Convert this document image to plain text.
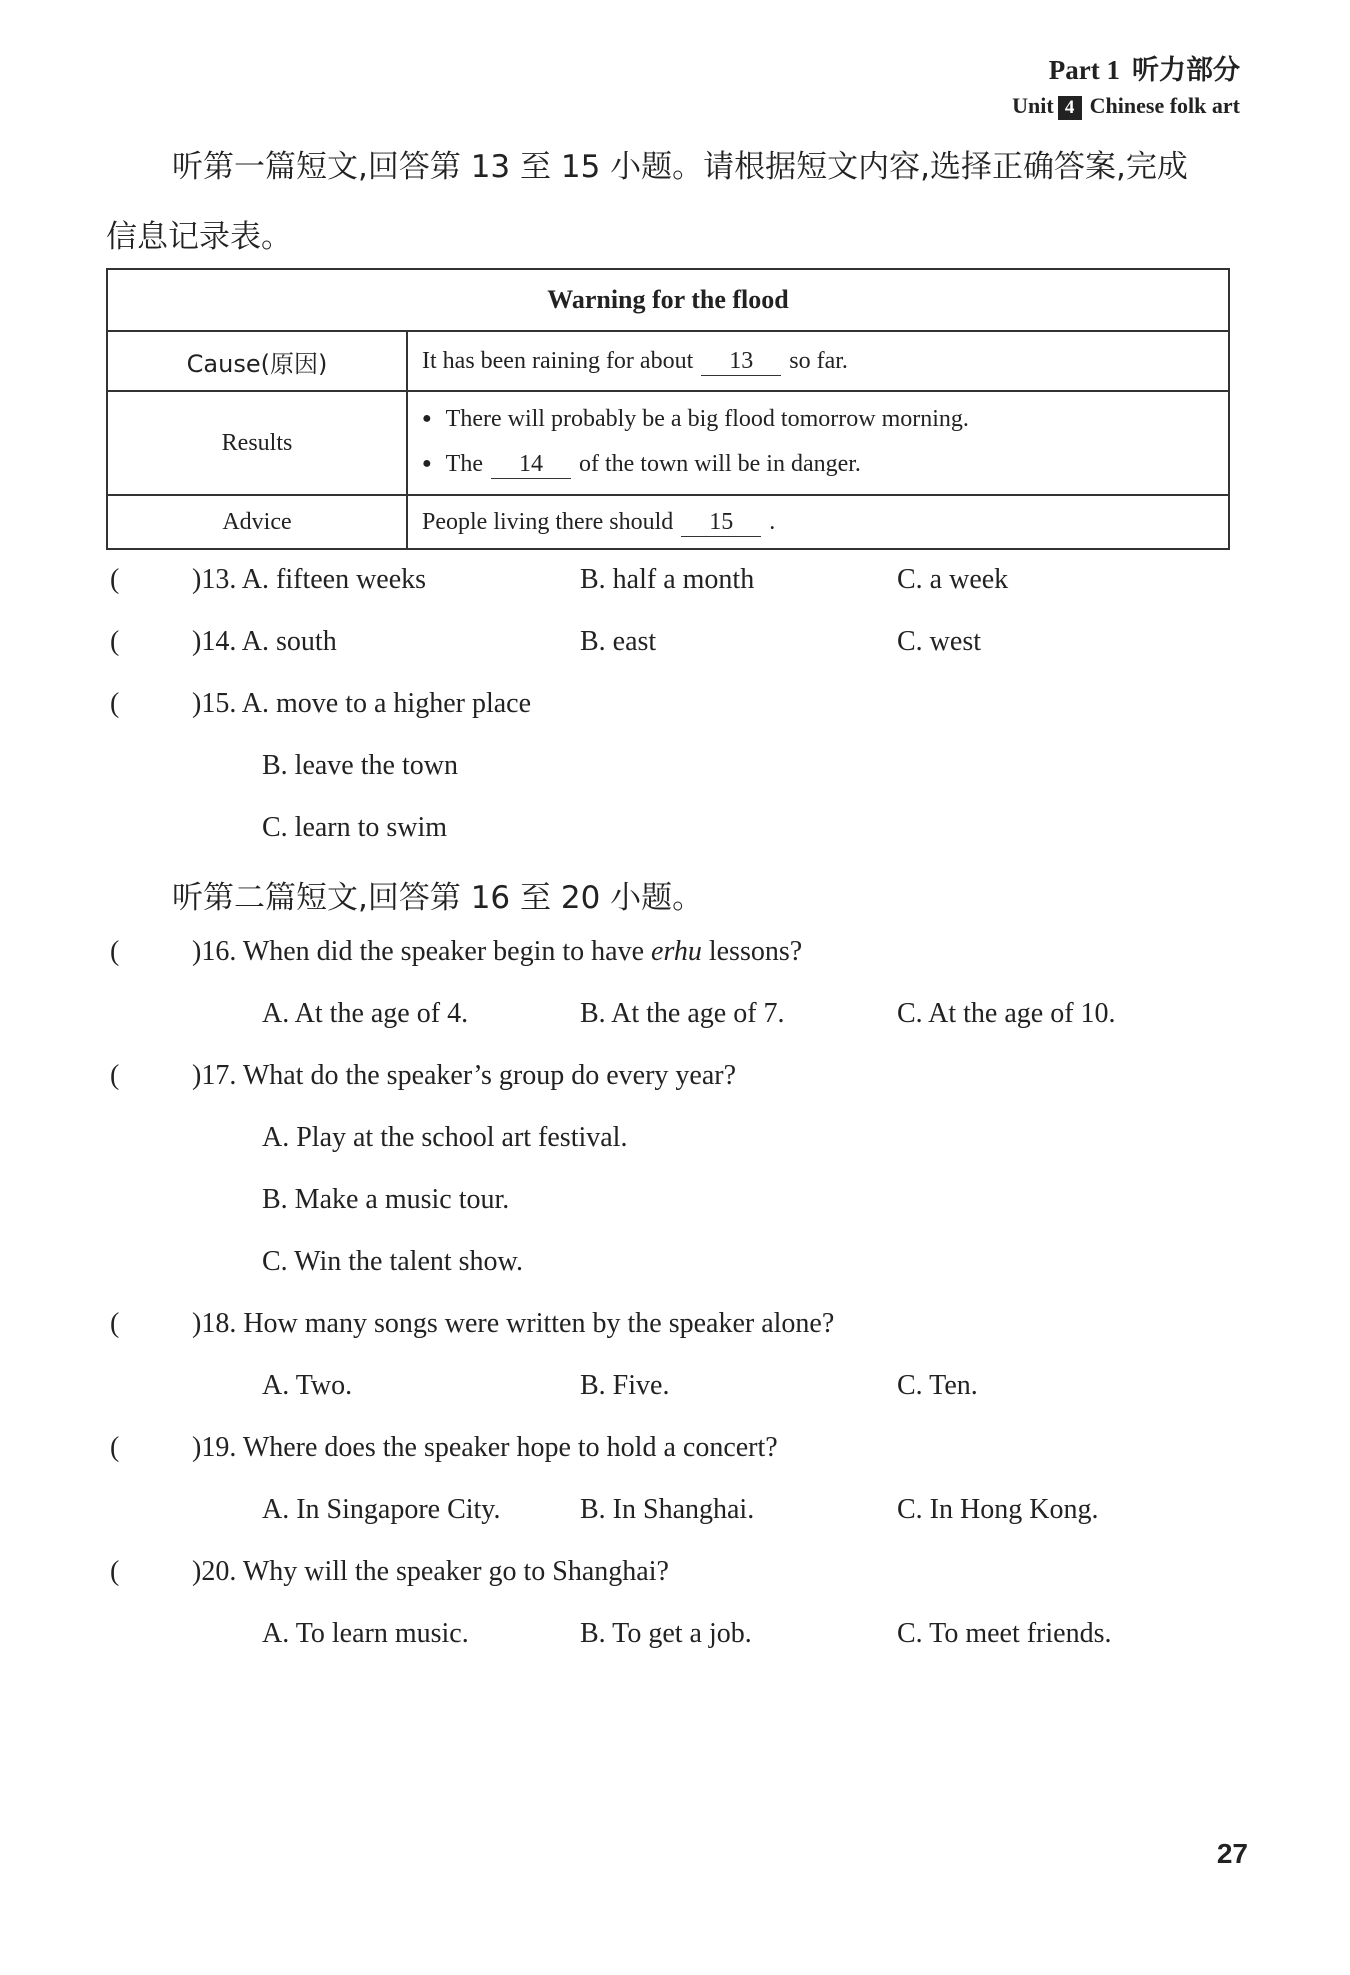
Part 1 听力部分
Unit 4 Chinese folk art
听第一篇短文,回答第 13 至 15 小题。请根据短文内容,选择正确答案,完成
信息记录表。
Warning for the flood	
Cause(原因)	It has been raining for about 13 so far.
Results	● There will probably be a big flood tomorrow morning.
● The 14 of the town will be in danger.

Advice	People living there should 15 .
(	)13. A. fifteen weeks	B. half a month	C. a week
(	)14. A. south	B. east	C. west
(	)15. A. move to a higher place
B. leave the town
C. learn to swim
听第二篇短文,回答第 16 至 20 小题。
(	)16. When did the speaker begin to have erhu lessons?
A. At the age of 4.	B. At the age of 7.	C. At the age of 10.
(	)17. What do the speaker’s group do every year?
A. Play at the school art festival.
B. Make a music tour.
C. Win the talent show.
(	)18. How many songs were written by the speaker alone?
A. Two.	B. Five.	C. Ten.
(	)19. Where does the speaker hope to hold a concert?
A. In Singapore City.	B. In Shanghai.	C. In Hong Kong.
(	)20. Why will the speaker go to Shanghai?
A. To learn music.	B. To get a job.	C. To meet friends.
27
